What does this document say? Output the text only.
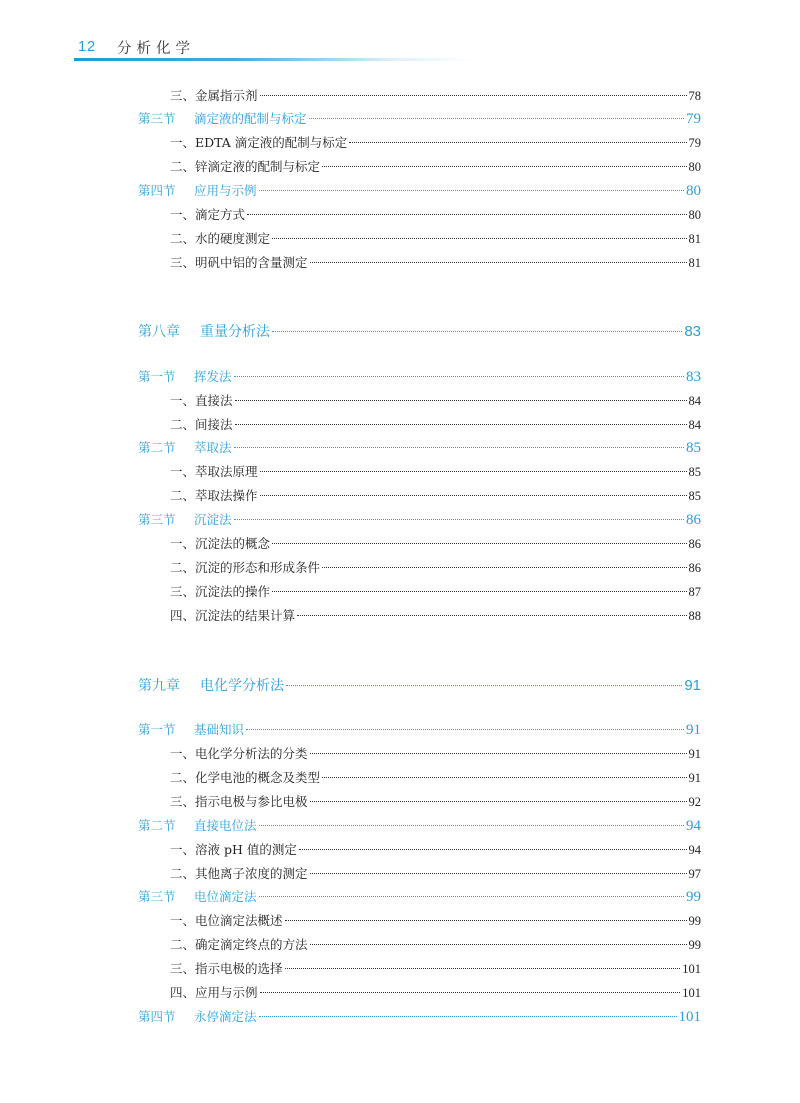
12 分析化学
三、金属指示剂	78
第三节 滴定液的配制与标定	79
一、EDTA 滴定液的配制与标定	79
二、锌滴定液的配制与标定	80
第四节 应用与示例	80
一、滴定方式	80
二、水的硬度测定	81
三、明矾中铝的含量测定	81
第八章 重量分析法	83
第一节 挥发法	83
一、直接法	84
二、间接法	84
第二节 萃取法	85
一、萃取法原理	85
二、萃取法操作	85
第三节 沉淀法	86
一、沉淀法的概念	86
二、沉淀的形态和形成条件	86
三、沉淀法的操作	87
四、沉淀法的结果计算	88
第九章 电化学分析法	91
第一节 基础知识	91
一、电化学分析法的分类	91
二、化学电池的概念及类型	91
三、指示电极与参比电极	92
第二节 直接电位法	94
一、溶液 pH 值的测定	94
二、其他离子浓度的测定	97
第三节 电位滴定法	99
一、电位滴定法概述	99
二、确定滴定终点的方法	99
三、指示电极的选择	101
四、应用与示例	101
第四节 永停滴定法	101
